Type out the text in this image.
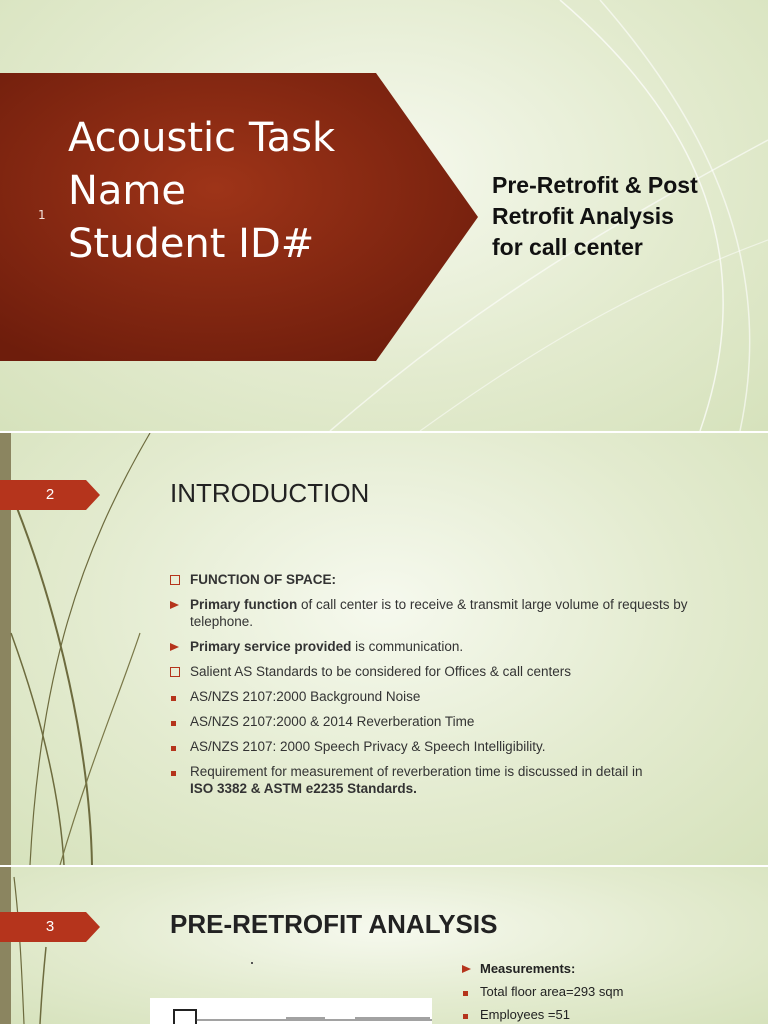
1
Acoustic Task
Name
Student ID#
Pre-Retrofit & Post
Retrofit Analysis
for call center
2	INTRODUCTION
FUNCTION OF SPACE:
Primary function of call center is to receive & transmit large volume of requests by telephone.
Primary service provided is communication.
Salient AS Standards to be considered for Offices & call centers
AS/NZS 2107:2000 Background Noise
AS/NZS 2107:2000 & 2014 Reverberation Time
AS/NZS 2107: 2000 Speech Privacy & Speech Intelligibility.
Requirement for measurement of reverberation time is discussed in detail in
ISO 3382 & ASTM e2235 Standards.
3	PRE-RETROFIT ANALYSIS
Measurements:
Total floor area=293 sqm
Employees =51
